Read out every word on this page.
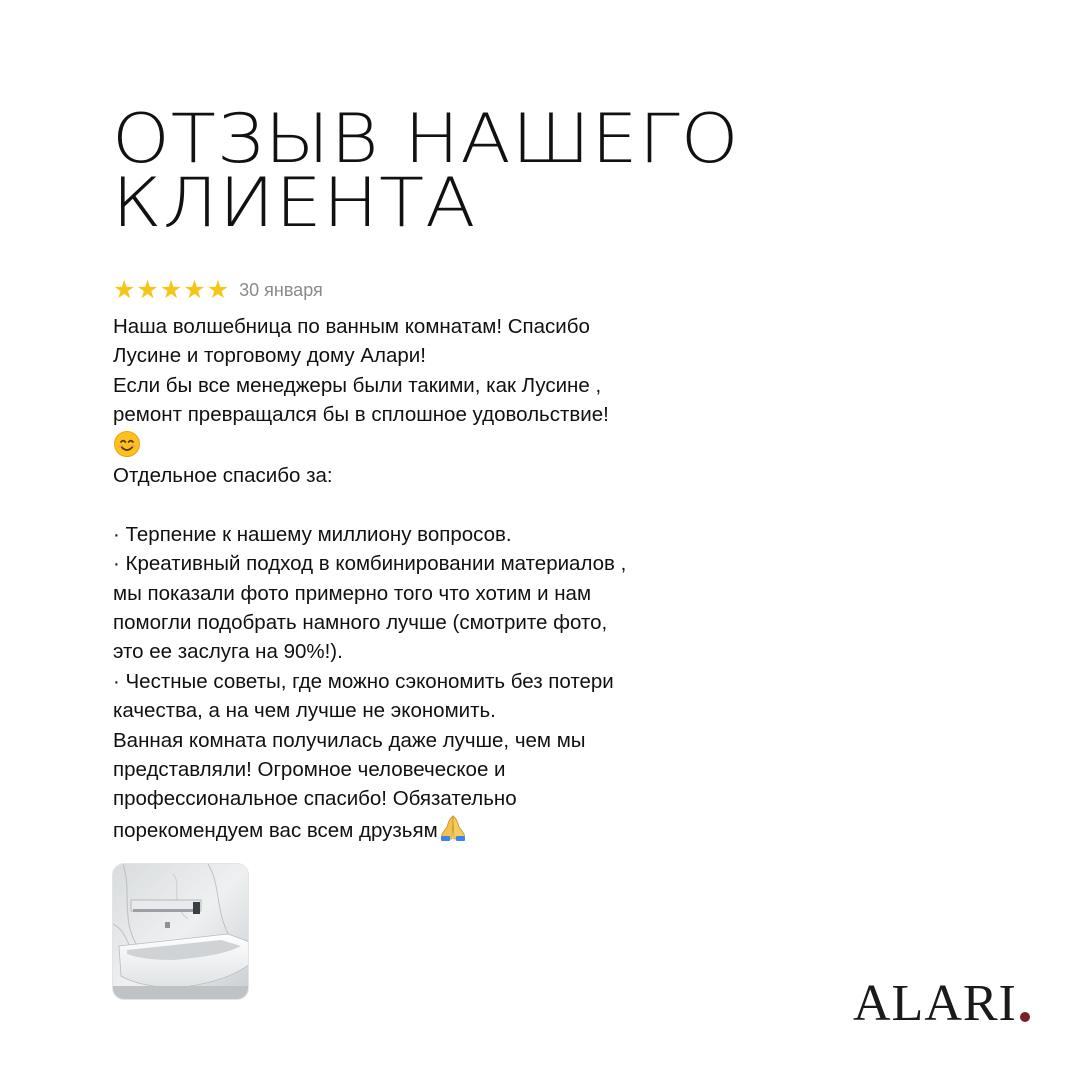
ОТЗЫВ НАШЕГО
КЛИЕНТА
★ ★ ★ ★ ★ 30 января
Наша волшебница по ванным комнатам! Спасибо
Лусине и торговому дому Алари!
Если бы все менеджеры были такими, как Лусине ,
ремонт превращался бы в сплошное удовольствие!
Отдельное спасибо за:
· Терпение к нашему миллиону вопросов.
· Креативный подход в комбинировании материалов ,
мы показали фото примерно того что хотим и нам
помогли подобрать намного лучше (смотрите фото,
это ее заслуга на 90%!).
· Честные советы, где можно сэкономить без потери
качества, а на чем лучше не экономить.
Ванная комната получилась даже лучше, чем мы
представляли! Огромное человеческое и
профессиональное спасибо! Обязательно
порекомендуем вас всем друзьям
ALARI
